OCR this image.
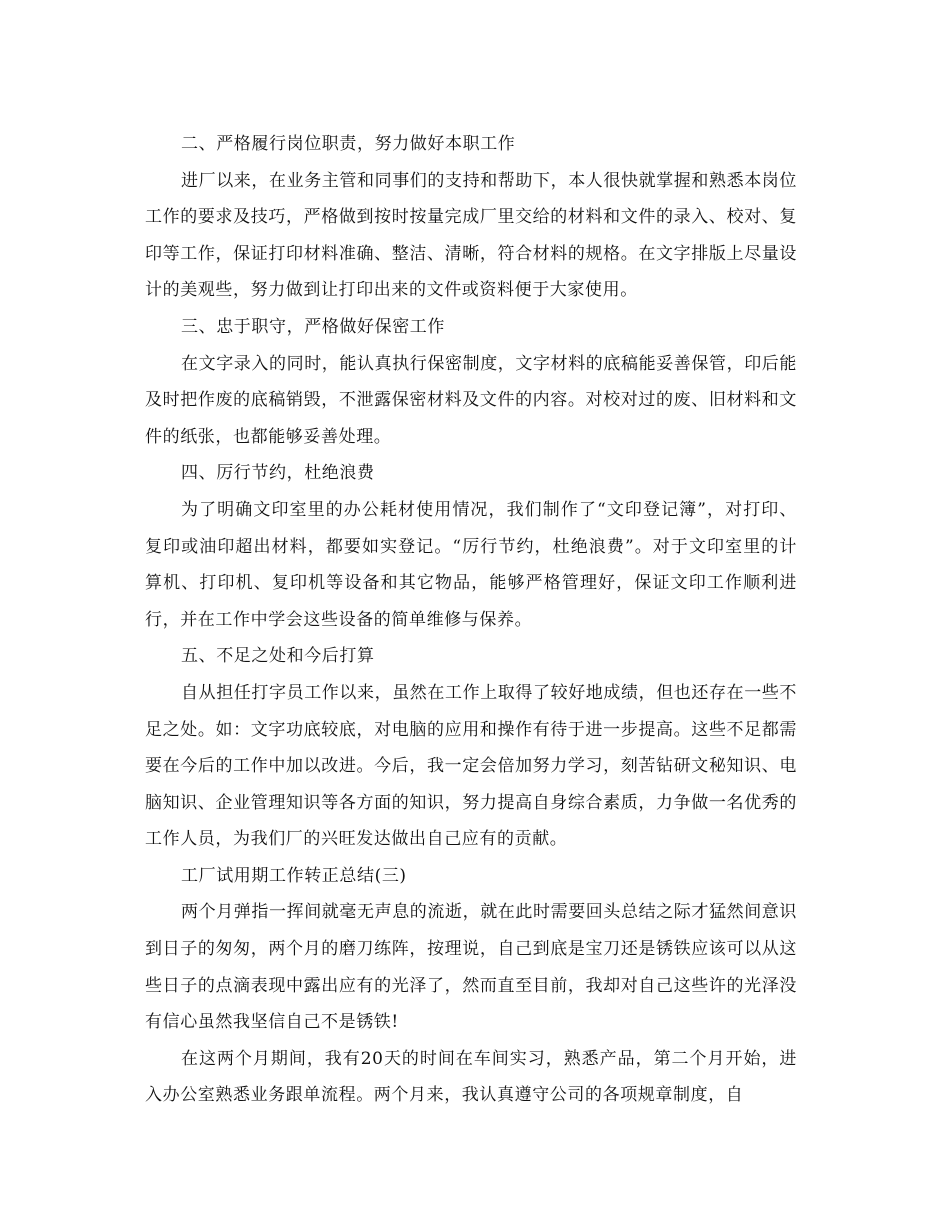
二、严格履行岗位职责，努力做好本职工作

进厂以来，在业务主管和同事们的支持和帮助下，本人很快就掌握和熟悉本岗位工作的要求及技巧，严格做到按时按量完成厂里交给的材料和文件的录入、校对、复印等工作，保证打印材料准确、整洁、清晰，符合材料的规格。在文字排版上尽量设计的美观些，努力做到让打印出来的文件或资料便于大家使用。

三、忠于职守，严格做好保密工作

在文字录入的同时，能认真执行保密制度，文字材料的底稿能妥善保管，印后能及时把作废的底稿销毁，不泄露保密材料及文件的内容。对校对过的废、旧材料和文件的纸张，也都能够妥善处理。

四、厉行节约，杜绝浪费

为了明确文印室里的办公耗材使用情况，我们制作了“文印登记簿”，对打印、复印或油印超出材料，都要如实登记。“厉行节约，杜绝浪费”。对于文印室里的计算机、打印机、复印机等设备和其它物品，能够严格管理好，保证文印工作顺利进行，并在工作中学会这些设备的简单维修与保养。

五、不足之处和今后打算

自从担任打字员工作以来，虽然在工作上取得了较好地成绩，但也还存在一些不足之处。如：文字功底较底，对电脑的应用和操作有待于进一步提高。这些不足都需要在今后的工作中加以改进。今后，我一定会倍加努力学习，刻苦钻研文秘知识、电脑知识、企业管理知识等各方面的知识，努力提高自身综合素质，力争做一名优秀的工作人员，为我们厂的兴旺发达做出自己应有的贡献。

工厂试用期工作转正总结(三)

两个月弹指一挥间就毫无声息的流逝，就在此时需要回头总结之际才猛然间意识到日子的匆匆，两个月的磨刀练阵，按理说，自己到底是宝刀还是锈铁应该可以从这些日子的点滴表现中露出应有的光泽了，然而直至目前，我却对自己这些许的光泽没有信心虽然我坚信自己不是锈铁!

在这两个月期间，我有20天的时间在车间实习，熟悉产品，第二个月开始，进入办公室熟悉业务跟单流程。两个月来，我认真遵守公司的各项规章制度，自
